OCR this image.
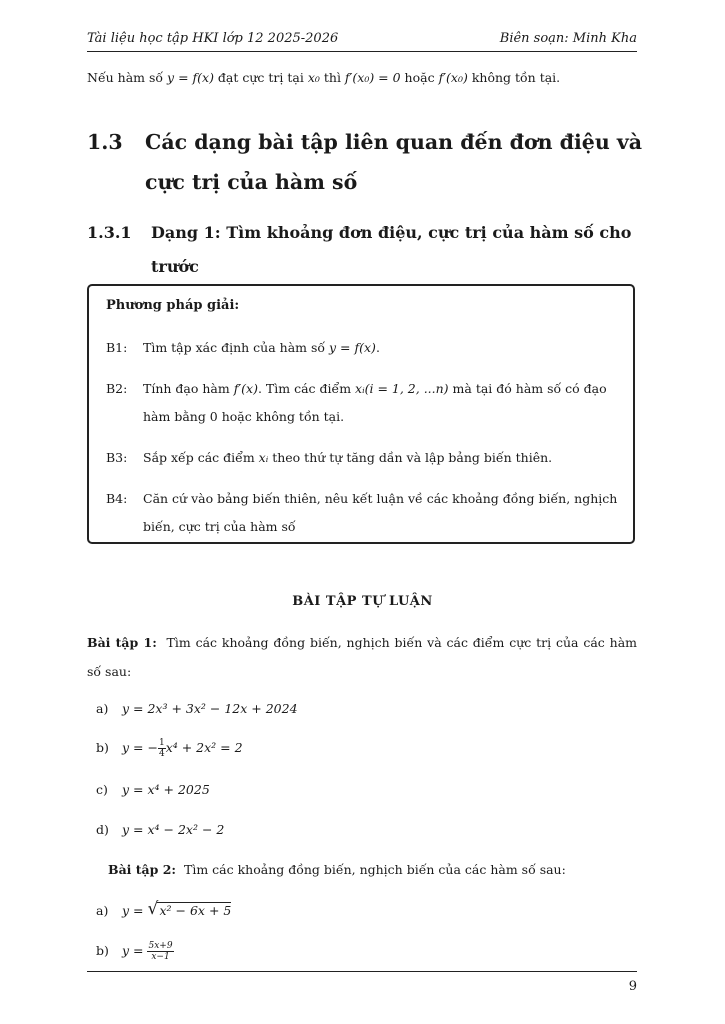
Tài liệu học tập HKI lớp 12 2025-2026	Biên soạn: Minh Kha
Nếu hàm số y = f(x) đạt cực trị tại x₀ thì f′(x₀) = 0 hoặc f′(x₀) không tồn tại.
1.3 Các dạng bài tập liên quan đến đơn điệu và cực trị của hàm số
1.3.1 Dạng 1: Tìm khoảng đơn điệu, cực trị của hàm số cho trước
Phương pháp giải:
B1: Tìm tập xác định của hàm số y = f(x).
B2: Tính đạo hàm f′(x). Tìm các điểm xᵢ(i = 1, 2, ...n) mà tại đó hàm số có đạo hàm bằng 0 hoặc không tồn tại.
B3: Sắp xếp các điểm xᵢ theo thứ tự tăng dần và lập bảng biến thiên.
B4: Căn cứ vào bảng biến thiên, nêu kết luận về các khoảng đồng biến, nghịch biến, cực trị của hàm số
BÀI TẬP TỰ LUẬN
Bài tập 1: Tìm các khoảng đồng biến, nghịch biến và các điểm cực trị của các hàm số sau:
a) y = 2x³ + 3x² − 12x + 2024
b) y = − $\frac{1}{4} x^4 + 2x^2 = 2$
c) y = x⁴ + 2025
d) y = x⁴ − 2x² − 2
Bài tập 2: Tìm các khoảng đồng biến, nghịch biến của các hàm số sau:
a) y = √ x² − 6x + 5
b) $y = \frac{5x+9}{x-1}$
9
